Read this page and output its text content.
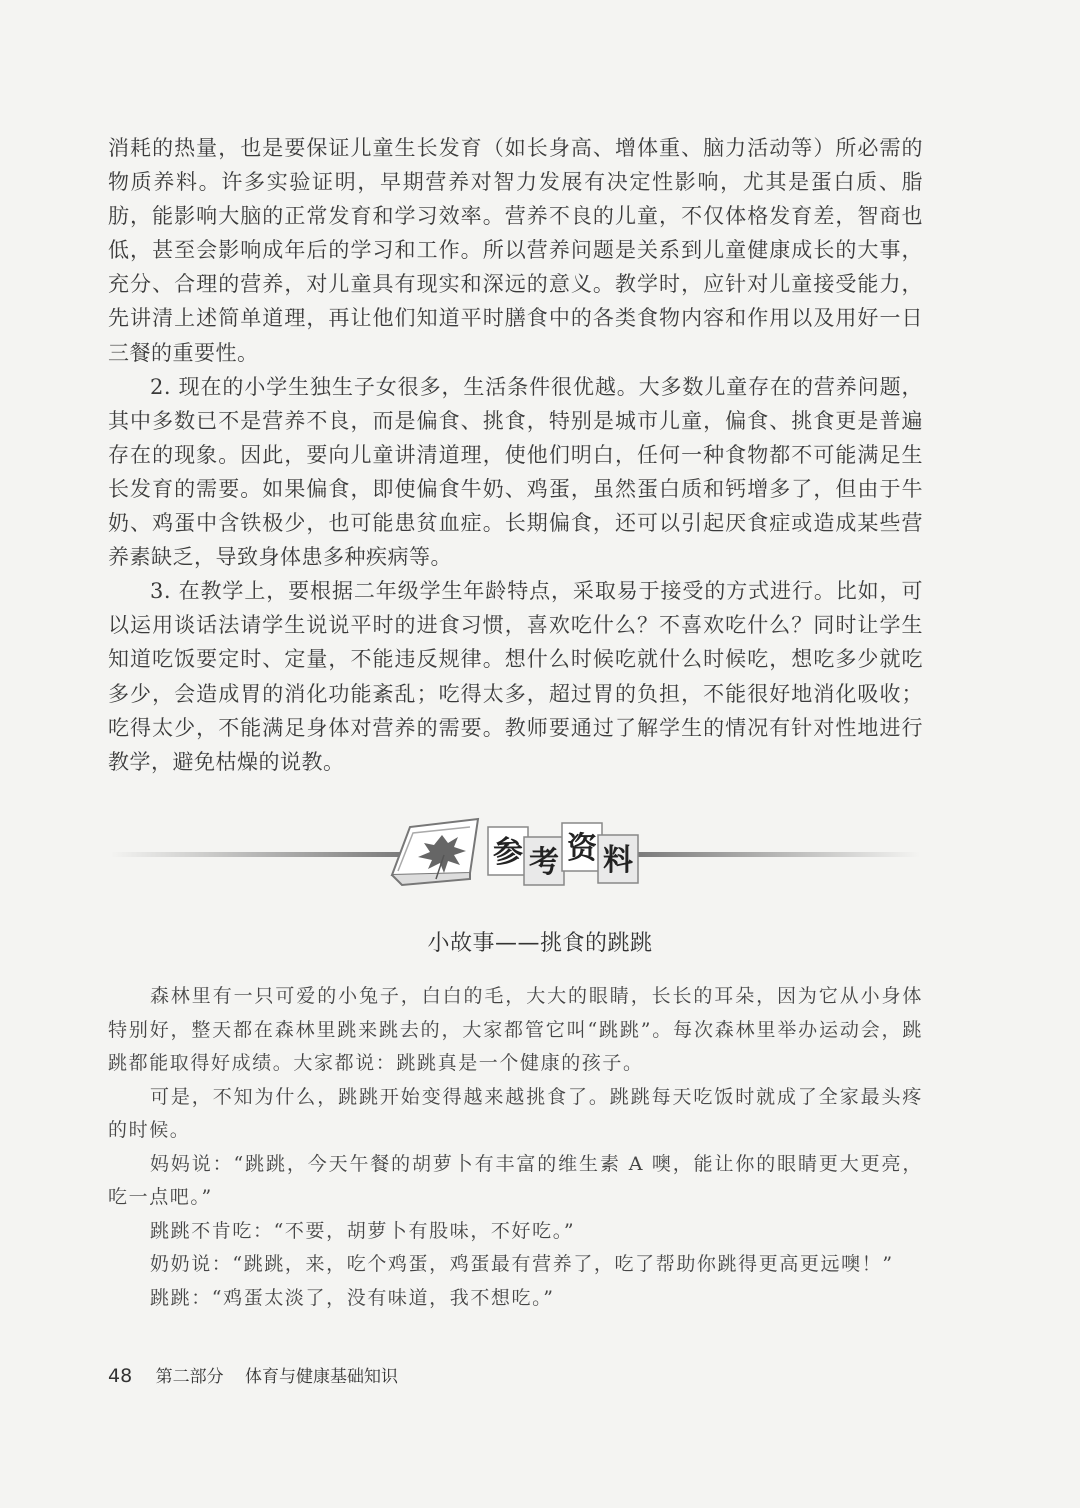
消耗的热量，也是要保证儿童生长发育（如长身高、增体重、脑力活动等）所必需的物质养料。许多实验证明，早期营养对智力发展有决定性影响，尤其是蛋白质、脂肪，能影响大脑的正常发育和学习效率。营养不良的儿童，不仅体格发育差，智商也低，甚至会影响成年后的学习和工作。所以营养问题是关系到儿童健康成长的大事，充分、合理的营养，对儿童具有现实和深远的意义。教学时，应针对儿童接受能力，先讲清上述简单道理，再让他们知道平时膳食中的各类食物内容和作用以及用好一日三餐的重要性。

2. 现在的小学生独生子女很多，生活条件很优越。大多数儿童存在的营养问题，其中多数已不是营养不良，而是偏食、挑食，特别是城市儿童，偏食、挑食更是普遍存在的现象。因此，要向儿童讲清道理，使他们明白，任何一种食物都不可能满足生长发育的需要。如果偏食，即使偏食牛奶、鸡蛋，虽然蛋白质和钙增多了，但由于牛奶、鸡蛋中含铁极少，也可能患贫血症。长期偏食，还可以引起厌食症或造成某些营养素缺乏，导致身体患多种疾病等。

3. 在教学上，要根据二年级学生年龄特点，采取易于接受的方式进行。比如，可以运用谈话法请学生说说平时的进食习惯，喜欢吃什么？不喜欢吃什么？同时让学生知道吃饭要定时、定量，不能违反规律。想什么时候吃就什么时候吃，想吃多少就吃多少，会造成胃的消化功能紊乱；吃得太多，超过胃的负担，不能很好地消化吸收；吃得太少，不能满足身体对营养的需要。教师要通过了解学生的情况有针对性地进行教学，避免枯燥的说教。

参 考 资 料
小故事——挑食的跳跳

森林里有一只可爱的小兔子，白白的毛，大大的眼睛，长长的耳朵，因为它从小身体特别好，整天都在森林里跳来跳去的，大家都管它叫“跳跳”。每次森林里举办运动会，跳跳都能取得好成绩。大家都说：跳跳真是一个健康的孩子。

可是，不知为什么，跳跳开始变得越来越挑食了。跳跳每天吃饭时就成了全家最头疼的时候。

妈妈说：“跳跳，今天午餐的胡萝卜有丰富的维生素 A 噢，能让你的眼睛更大更亮，吃一点吧。”

跳跳不肯吃：“不要，胡萝卜有股味，不好吃。”

奶奶说：“跳跳，来，吃个鸡蛋，鸡蛋最有营养了，吃了帮助你跳得更高更远噢！”

跳跳：“鸡蛋太淡了，没有味道，我不想吃。”

48 第二部分 体育与健康基础知识
